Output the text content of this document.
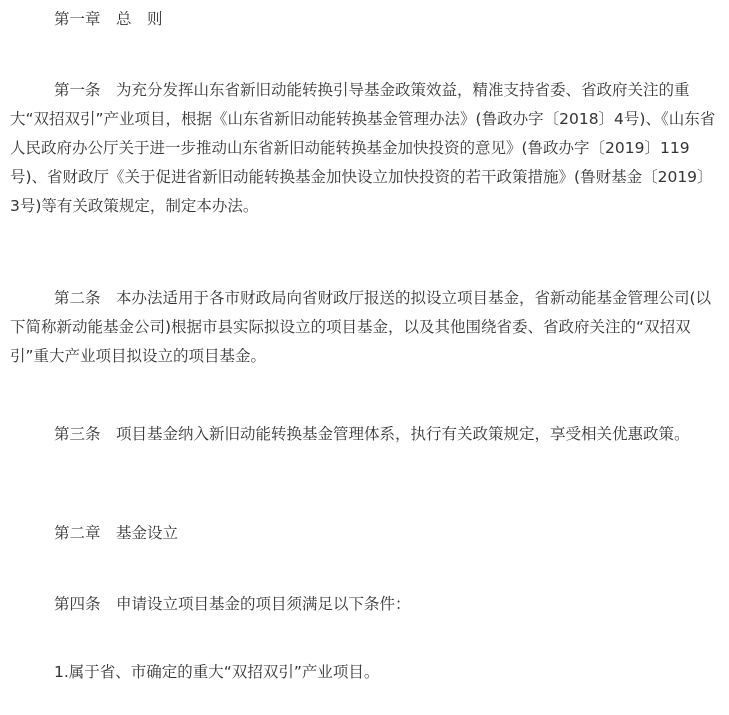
第一章　总　则

第一条　为充分发挥山东省新旧动能转换引导基金政策效益，精准支持省委、省政府关注的重大“双招双引”产业项目，根据《山东省新旧动能转换基金管理办法》(鲁政办字〔2018〕4号)、《山东省人民政府办公厅关于进一步推动山东省新旧动能转换基金加快投资的意见》(鲁政办字〔2019〕119号)、省财政厅《关于促进省新旧动能转换基金加快设立加快投资的若干政策措施》(鲁财基金〔2019〕3号)等有关政策规定，制定本办法。

第二条　本办法适用于各市财政局向省财政厅报送的拟设立项目基金，省新动能基金管理公司(以下简称新动能基金公司)根据市县实际拟设立的项目基金，以及其他围绕省委、省政府关注的“双招双引”重大产业项目拟设立的项目基金。

第三条　项目基金纳入新旧动能转换基金管理体系，执行有关政策规定，享受相关优惠政策。

第二章　基金设立

第四条　申请设立项目基金的项目须满足以下条件：

1.属于省、市确定的重大“双招双引”产业项目。
